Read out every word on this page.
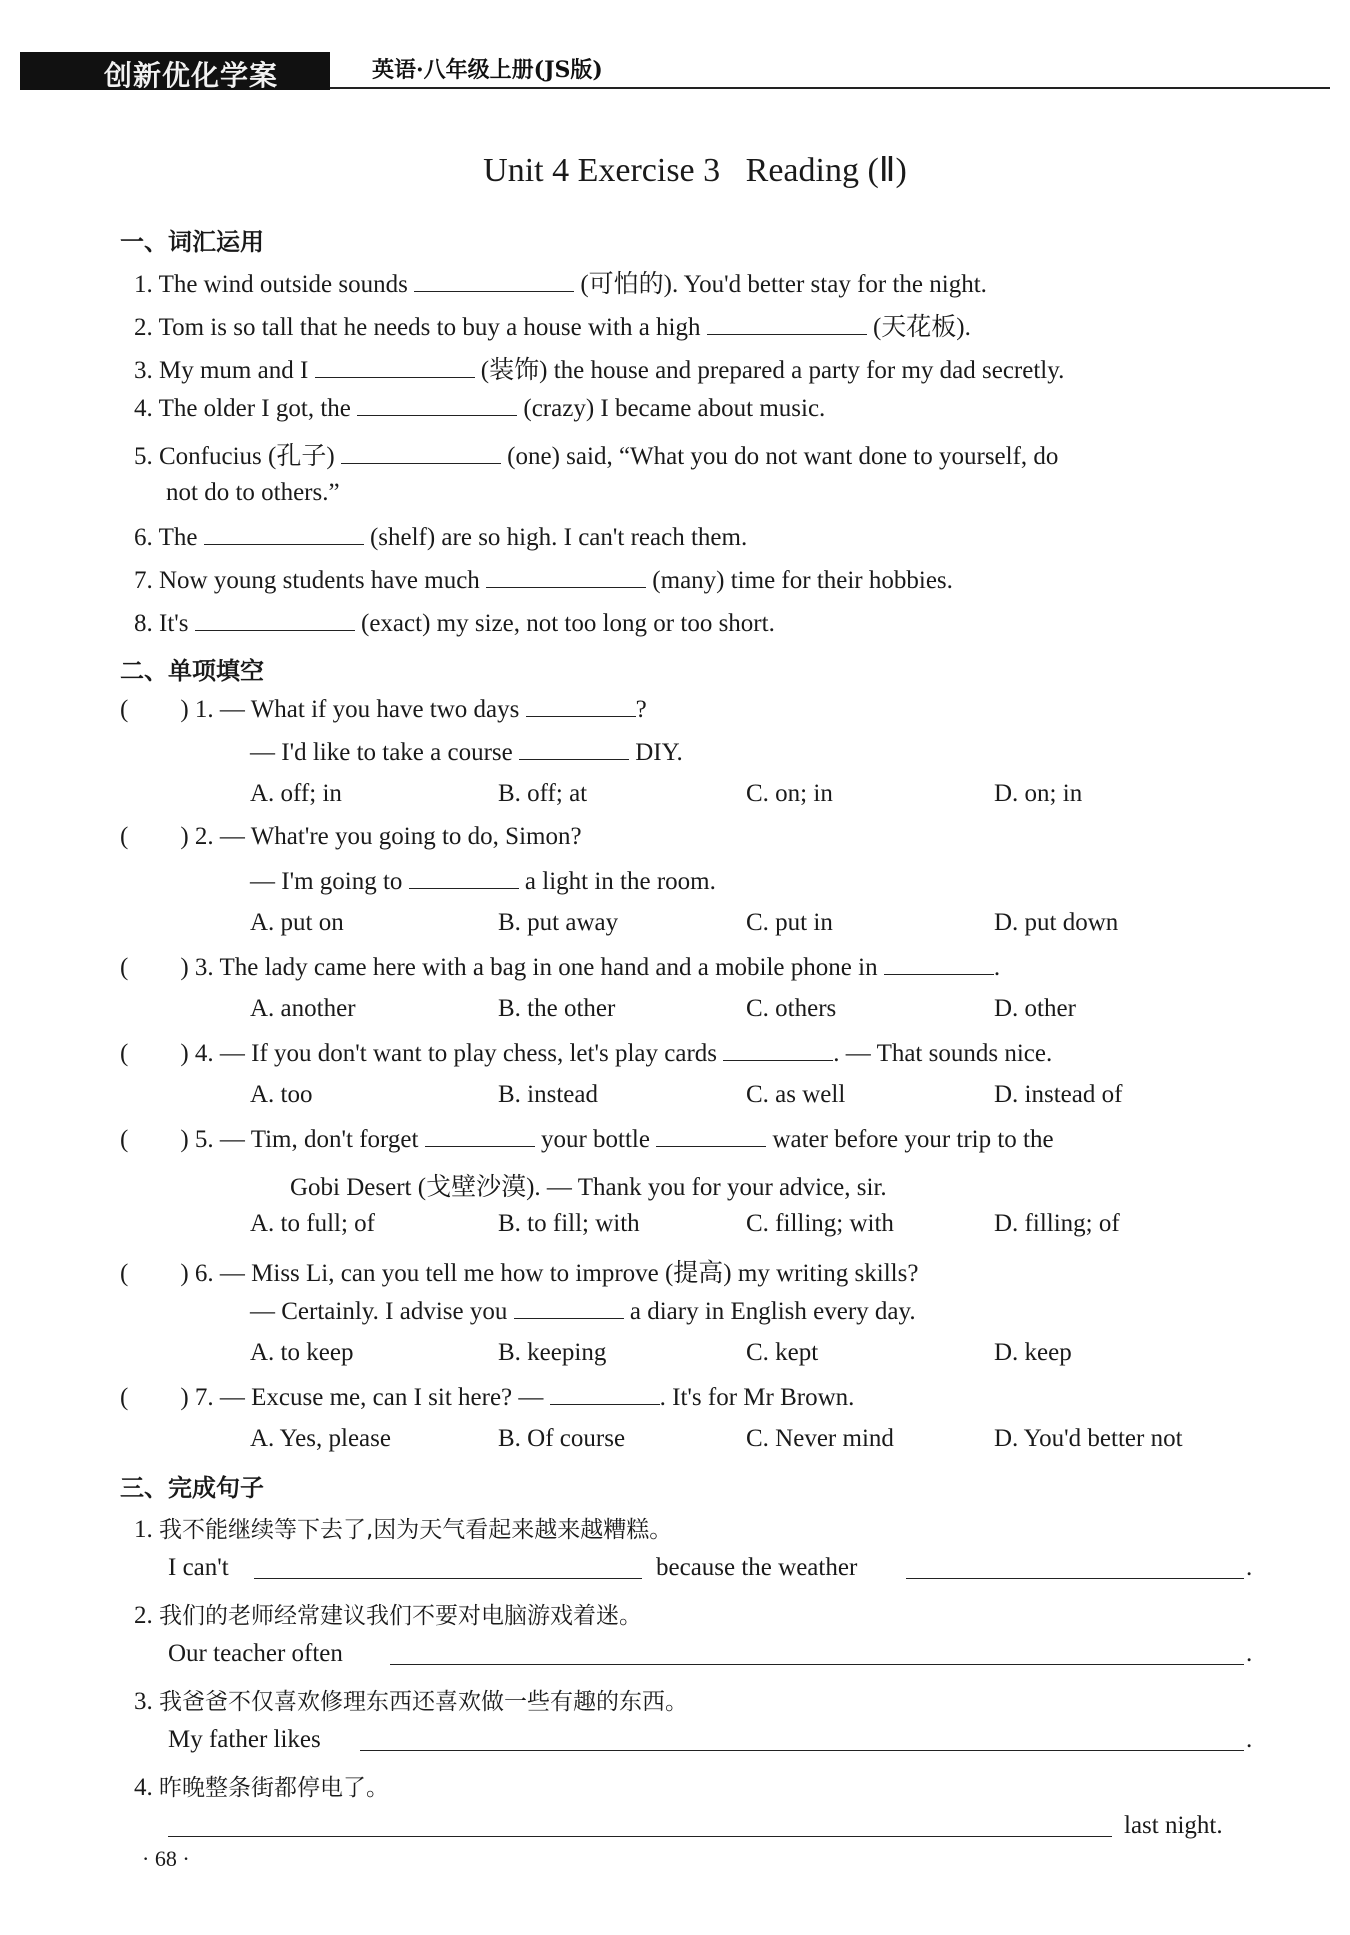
创新优化学案	英语·八年级上册(JS版)
Unit 4 Exercise 3   Reading (Ⅱ)
一、词汇运用
1. The wind outside sounds	(可怕的). You'd better stay for the night.
2. Tom is so tall that he needs to buy a house with a high	(天花板).
3. My mum and I	(装饰) the house and prepared a party for my dad secretly.
4. The older I got, the	(crazy) I became about music.
5. Confucius (孔子)	(one) said, “What you do not want done to yourself, do
not do to others.”
6. The	(shelf) are so high. I can't reach them.
7. Now young students have much	(many) time for their hobbies.
8. It's	(exact) my size, not too long or too short.
二、单项填空
( ) 1. — What if you have two days	?
— I'd like to take a course	DIY.
A. off; in	B. off; at	C. on; in	D. on; in
( ) 2. — What're you going to do, Simon?
— I'm going to	a light in the room.
A. put on	B. put away	C. put in	D. put down
( ) 3. The lady came here with a bag in one hand and a mobile phone in	.
A. another	B. the other	C. others	D. other
( ) 4. — If you don't want to play chess, let's play cards	. — That sounds nice.
A. too	B. instead	C. as well	D. instead of
( ) 5. — Tim, don't forget	your bottle	water before your trip to the
Gobi Desert (戈壁沙漠). — Thank you for your advice, sir.
A. to full; of	B. to fill; with	C. filling; with	D. filling; of
( ) 6. — Miss Li, can you tell me how to improve (提高) my writing skills?
— Certainly. I advise you	a diary in English every day.
A. to keep	B. keeping	C. kept	D. keep
( ) 7. — Excuse me, can I sit here? —	. It's for Mr Brown.
A. Yes, please	B. Of course	C. Never mind	D. You'd better not
三、完成句子
1. 我不能继续等下去了,因为天气看起来越来越糟糕。
I can't	because the weather	.
2. 我们的老师经常建议我们不要对电脑游戏着迷。
Our teacher often	.
3. 我爸爸不仅喜欢修理东西还喜欢做一些有趣的东西。
My father likes	.
4. 昨晚整条街都停电了。
last night.
· 68 ·
